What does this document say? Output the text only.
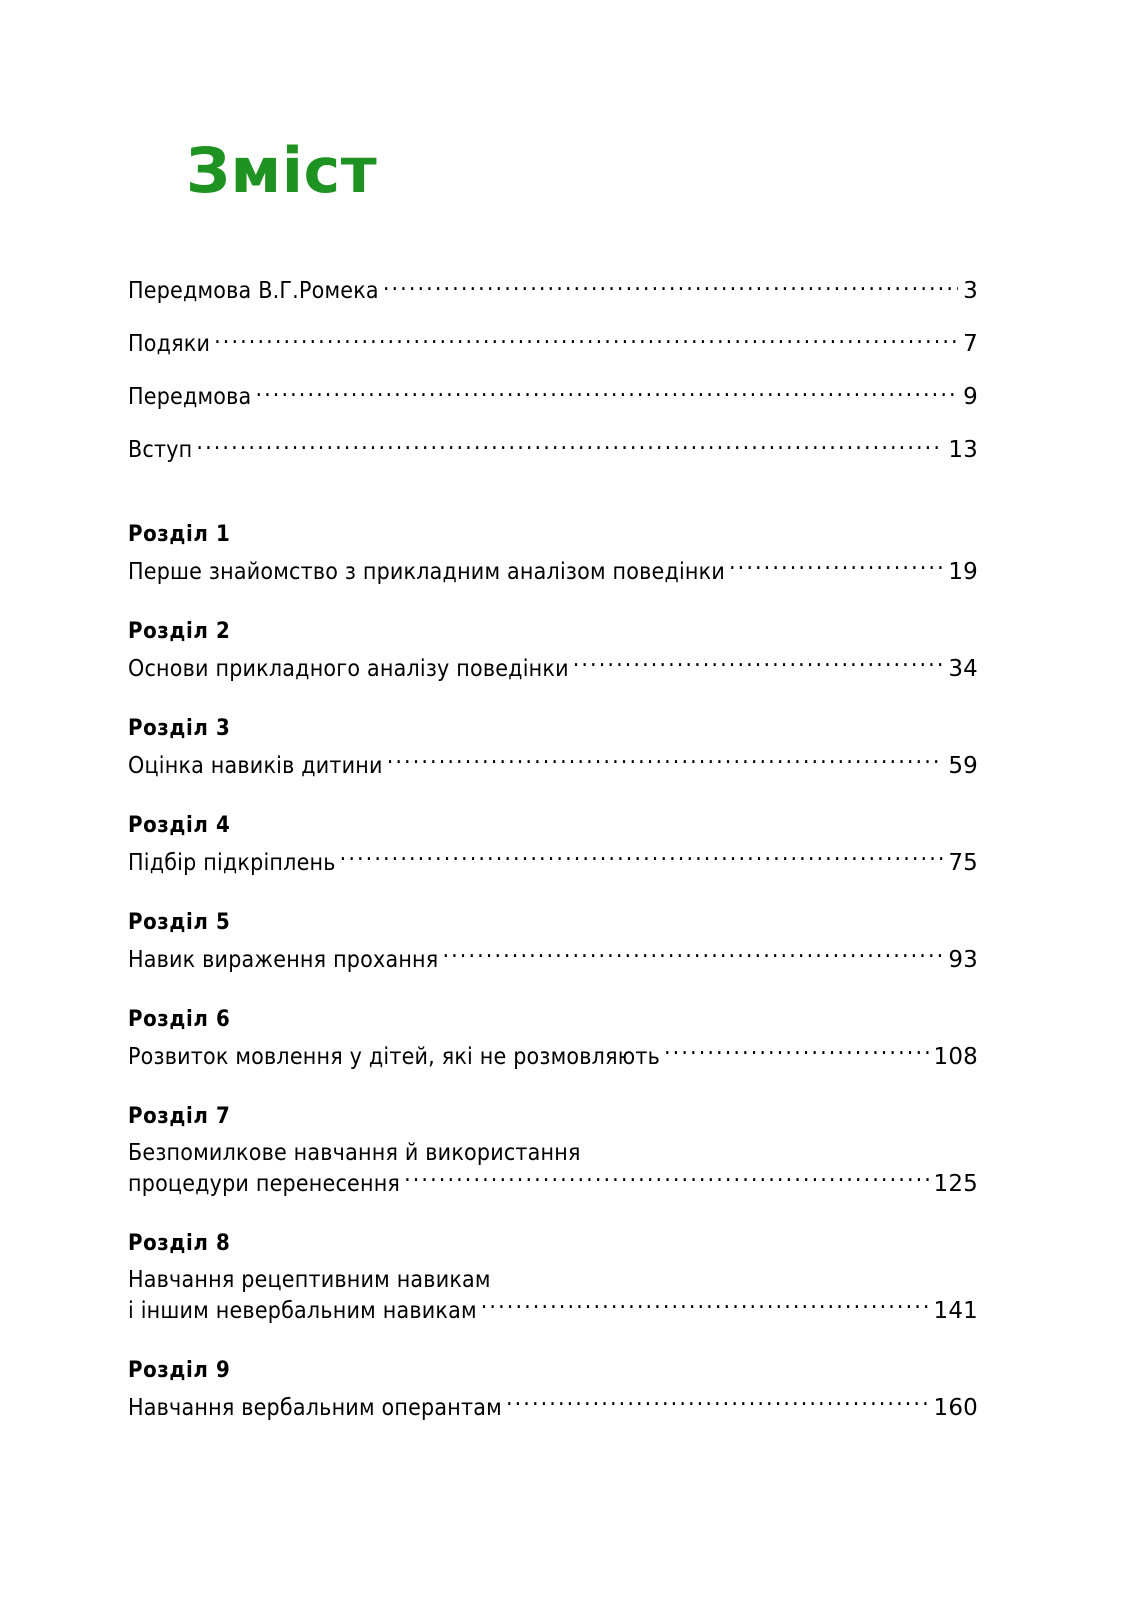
Зміст
Передмова В.Г.Ромека .....	3
Подяки .....	7
Передмова .....	9
Вступ .....	13
Розділ 1
Перше знайомство з прикладним аналізом поведінки .....	19
Розділ 2
Основи прикладного аналізу поведінки .....	34
Розділ 3
Оцінка навиків дитини .....	59
Розділ 4
Підбір підкріплень .....	75
Розділ 5
Навик вираження прохання .....	93
Розділ 6
Розвиток мовлення у дітей, які не розмовляють .....	108
Розділ 7
Безпомилкове навчання й використання
процедури перенесення .....	125
Розділ 8
Навчання рецептивним навикам
і іншим невербальним навикам .....	141
Розділ 9
Навчання вербальним оперантам .....	160
